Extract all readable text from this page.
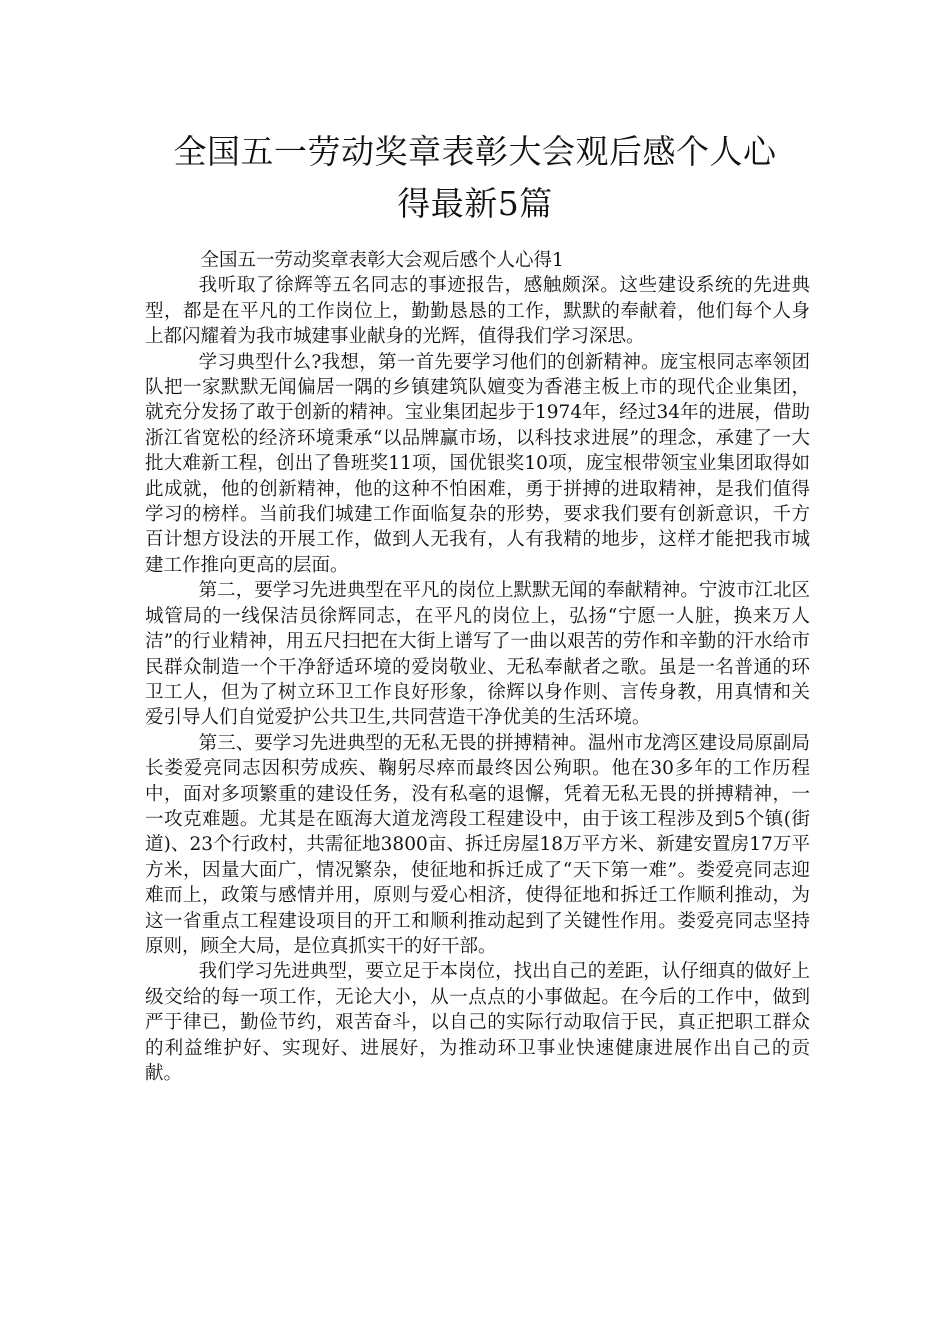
全国五一劳动奖章表彰大会观后感个人心
得最新5篇

全国五一劳动奖章表彰大会观后感个人心得1

我听取了徐辉等五名同志的事迹报告，感触颇深。这些建设系统的先进典型，都是在平凡的工作岗位上，勤勤恳恳的工作，默默的奉献着，他们每个人身上都闪耀着为我市城建事业献身的光辉，值得我们学习深思。

学习典型什么?我想，第一首先要学习他们的创新精神。庞宝根同志率领团队把一家默默无闻偏居一隅的乡镇建筑队嬗变为香港主板上市的现代企业集团，就充分发扬了敢于创新的精神。宝业集团起步于1974年，经过34年的进展，借助浙江省宽松的经济环境秉承“以品牌赢市场，以科技求进展”的理念，承建了一大批大难新工程，创出了鲁班奖11项，国优银奖10项，庞宝根带领宝业集团取得如此成就，他的创新精神，他的这种不怕困难，勇于拼搏的进取精神，是我们值得学习的榜样。当前我们城建工作面临复杂的形势，要求我们要有创新意识，千方百计想方设法的开展工作，做到人无我有，人有我精的地步，这样才能把我市城建工作推向更高的层面。

第二，要学习先进典型在平凡的岗位上默默无闻的奉献精神。宁波市江北区城管局的一线保洁员徐辉同志，在平凡的岗位上，弘扬“宁愿一人脏，换来万人洁”的行业精神，用五尺扫把在大街上谱写了一曲以艰苦的劳作和辛勤的汗水给市民群众制造一个干净舒适环境的爱岗敬业、无私奉献者之歌。虽是一名普通的环卫工人，但为了树立环卫工作良好形象，徐辉以身作则、言传身教，用真情和关爱引导人们自觉爱护公共卫生,共同营造干净优美的生活环境。

第三、要学习先进典型的无私无畏的拼搏精神。温州市龙湾区建设局原副局长娄爱亮同志因积劳成疾、鞠躬尽瘁而最终因公殉职。他在30多年的工作历程中，面对多项繁重的建设任务，没有私毫的退懈，凭着无私无畏的拼搏精神，一一攻克难题。尤其是在瓯海大道龙湾段工程建设中，由于该工程涉及到5个镇(街道)、23个行政村，共需征地3800亩、拆迁房屋18万平方米、新建安置房17万平方米，因量大面广，情况繁杂，使征地和拆迁成了“天下第一难”。娄爱亮同志迎难而上，政策与感情并用，原则与爱心相济，使得征地和拆迁工作顺利推动，为这一省重点工程建设项目的开工和顺利推动起到了关键性作用。娄爱亮同志坚持原则，顾全大局，是位真抓实干的好干部。

我们学习先进典型，要立足于本岗位，找出自己的差距，认仔细真的做好上级交给的每一项工作，无论大小，从一点点的小事做起。在今后的工作中，做到严于律已，勤俭节约，艰苦奋斗，以自己的实际行动取信于民，真正把职工群众的利益维护好、实现好、进展好，为推动环卫事业快速健康进展作出自己的贡献。
